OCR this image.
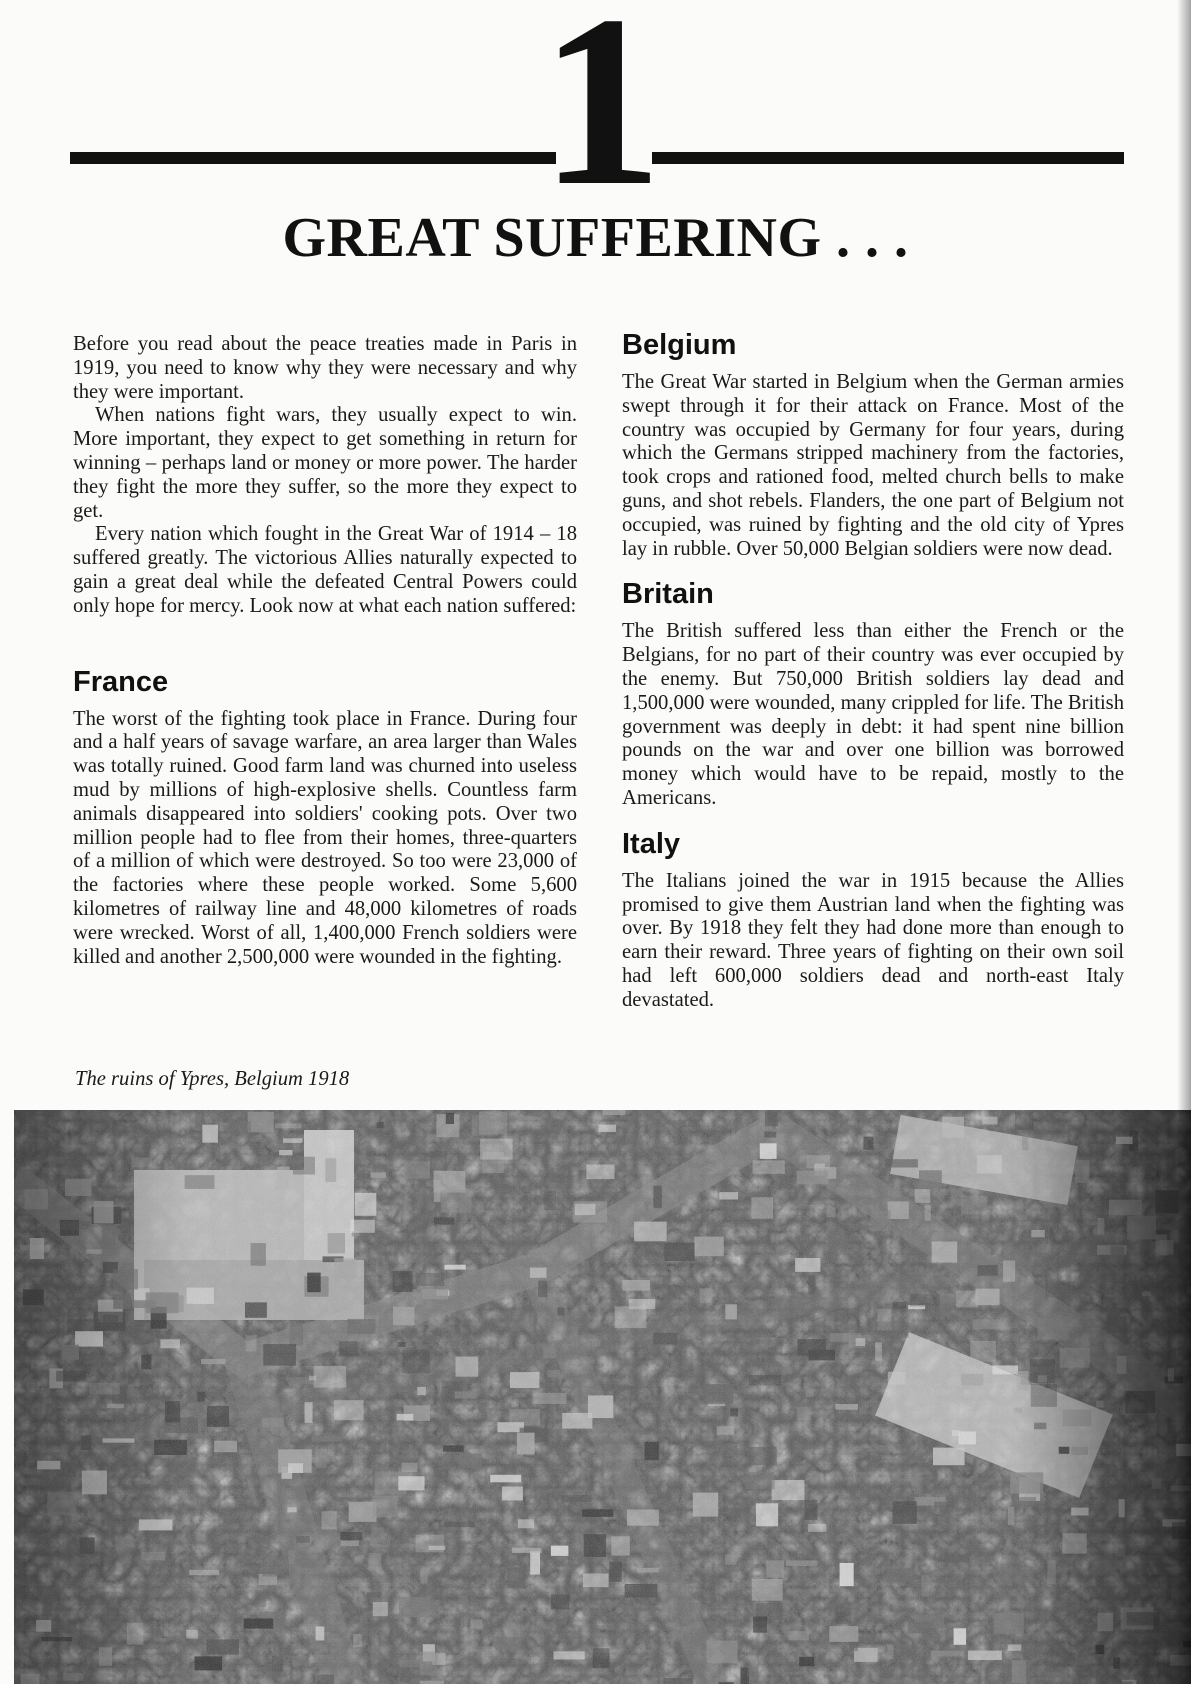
1
GREAT SUFFERING . . .

Before you read about the peace treaties made in Paris in 1919, you need to know why they were necessary and why they were important.

When nations fight wars, they usually expect to win. More important, they expect to get something in return for winning – perhaps land or money or more power. The harder they fight the more they suffer, so the more they expect to get.

Every nation which fought in the Great War of 1914 – 18 suffered greatly. The victorious Allies naturally expected to gain a great deal while the defeated Central Powers could only hope for mercy. Look now at what each nation suffered:

France

The worst of the fighting took place in France. During four and a half years of savage warfare, an area larger than Wales was totally ruined. Good farm land was churned into useless mud by millions of high-explosive shells. Countless farm animals disappeared into soldiers' cooking pots. Over two million people had to flee from their homes, three-quarters of a million of which were destroyed. So too were 23,000 of the factories where these people worked. Some 5,600 kilometres of railway line and 48,000 kilometres of roads were wrecked. Worst of all, 1,400,000 French soldiers were killed and another 2,500,000 were wounded in the fighting.

Belgium

The Great War started in Belgium when the German armies swept through it for their attack on France. Most of the country was occupied by Germany for four years, during which the Germans stripped machinery from the factories, took crops and rationed food, melted church bells to make guns, and shot rebels. Flanders, the one part of Belgium not occupied, was ruined by fighting and the old city of Ypres lay in rubble. Over 50,000 Belgian soldiers were now dead.

Britain

The British suffered less than either the French or the Belgians, for no part of their country was ever occupied by the enemy. But 750,000 British soldiers lay dead and 1,500,000 were wounded, many crippled for life. The British government was deeply in debt: it had spent nine billion pounds on the war and over one billion was borrowed money which would have to be repaid, mostly to the Americans.

Italy

The Italians joined the war in 1915 because the Allies promised to give them Austrian land when the fighting was over. By 1918 they felt they had done more than enough to earn their reward. Three years of fighting on their own soil had left 600,000 soldiers dead and north-east Italy devastated.

The ruins of Ypres, Belgium 1918
